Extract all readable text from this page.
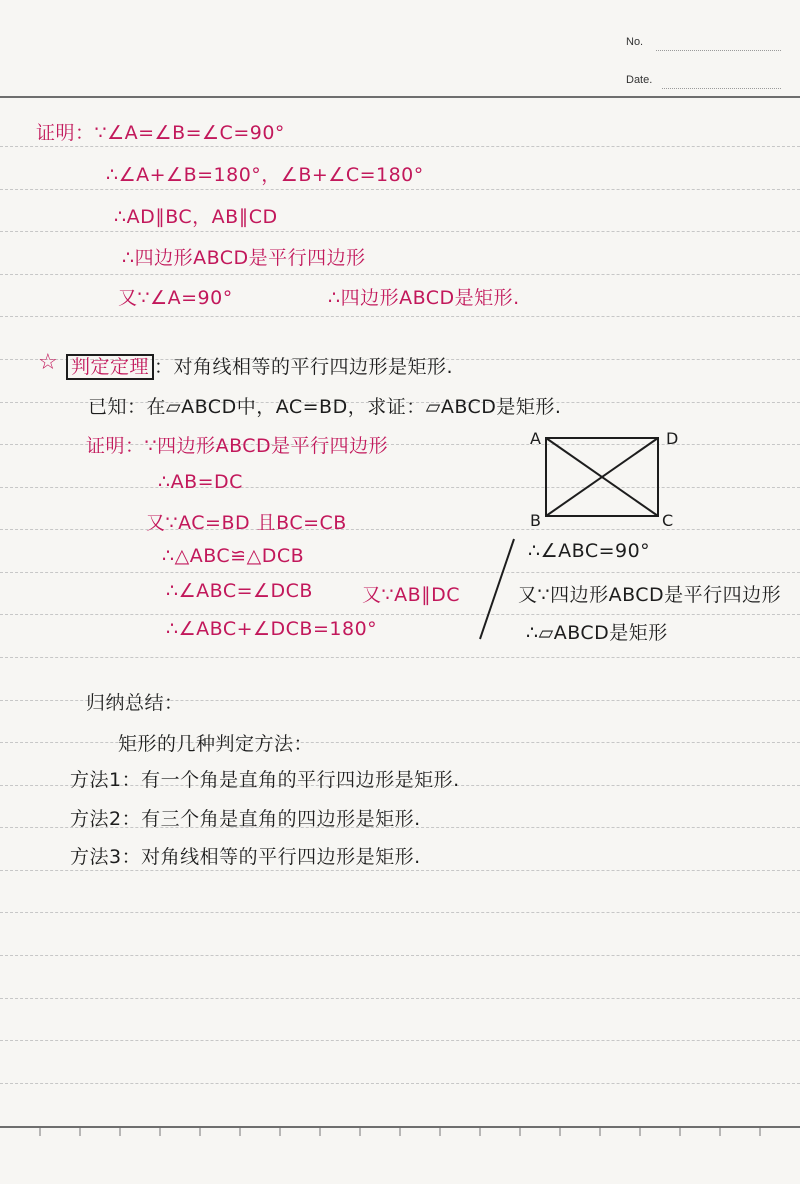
No.
Date.
证明：∵∠A=∠B=∠C=90°
∴∠A+∠B=180°，∠B+∠C=180°
∴AD∥BC，AB∥CD
∴四边形ABCD是平行四边形
又∵∠A=90°	∴四边形ABCD是矩形.
☆ 判定定理 ：对角线相等的平行四边形是矩形.
已知：在▱ABCD中，AC=BD，求证：▱ABCD是矩形.
证明：∵四边形ABCD是平行四边形
∴AB=DC
又∵AC=BD 且BC=CB
∴△ABC≌△DCB
∴∠ABC=∠DCB	又∵AB∥DC
∴∠ABC+∠DCB=180°
∴∠ABC=90°
又∵四边形ABCD是平行四边形
∴▱ABCD是矩形
A	D
B	C
归纳总结：
矩形的几种判定方法：
方法1：有一个角是直角的平行四边形是矩形.
方法2：有三个角是直角的四边形是矩形.
方法3：对角线相等的平行四边形是矩形.
